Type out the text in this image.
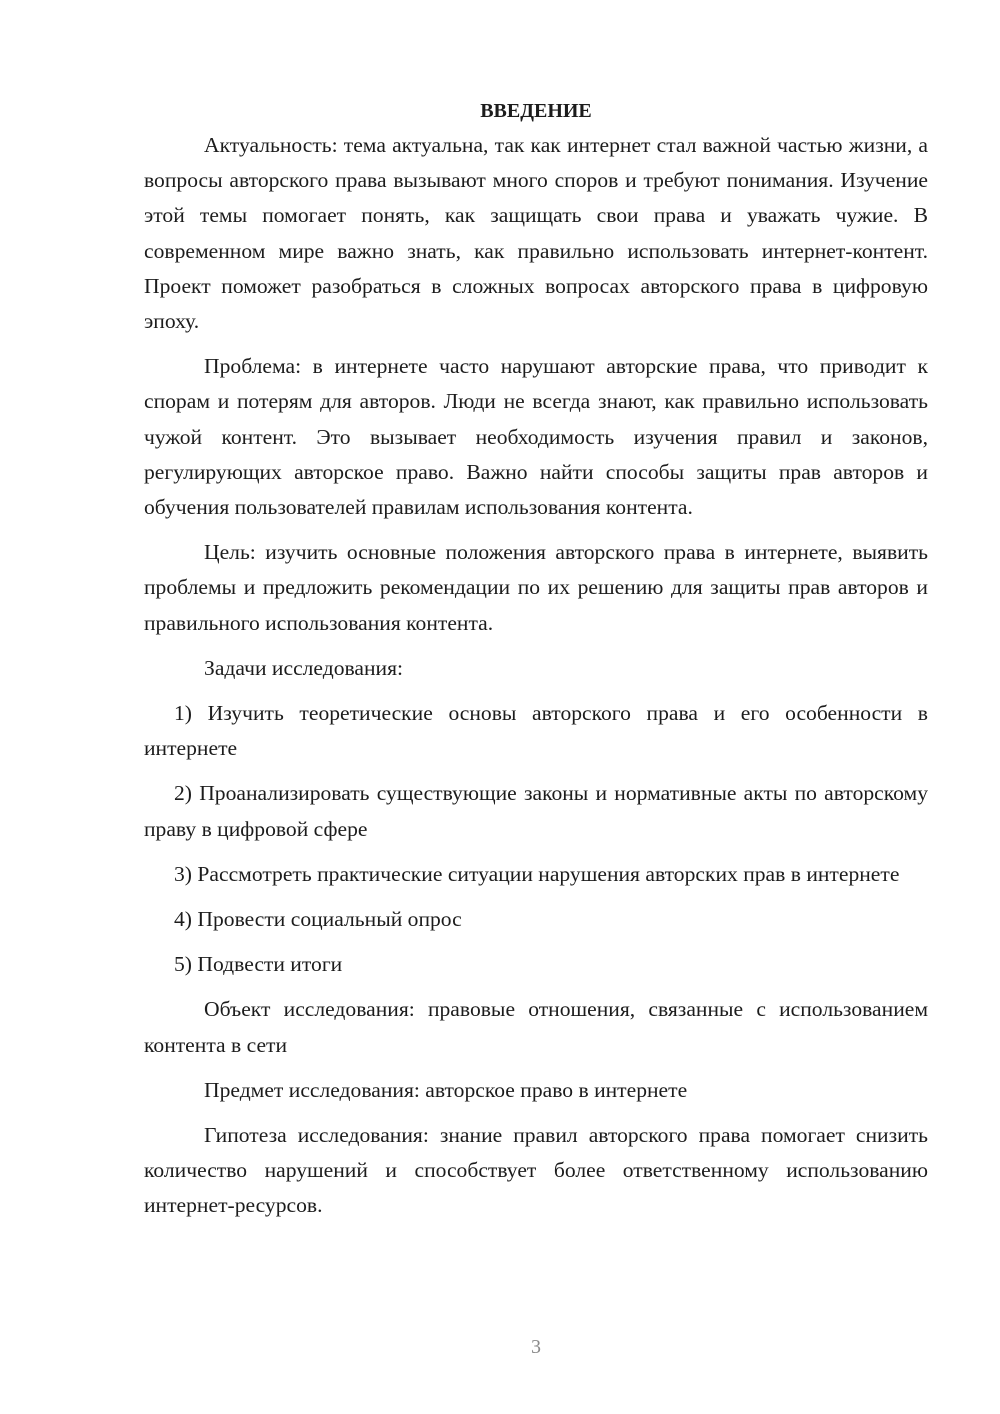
ВВЕДЕНИЕ

Актуальность: тема актуальна, так как интернет стал важной частью жизни, а вопросы авторского права вызывают много споров и требуют понимания. Изучение этой темы помогает понять, как защищать свои права и уважать чужие. В современном мире важно знать, как правильно использовать интернет-контент. Проект поможет разобраться в сложных вопросах авторского права в цифровую эпоху.

Проблема: в интернете часто нарушают авторские права, что приводит к спорам и потерям для авторов. Люди не всегда знают, как правильно использовать чужой контент. Это вызывает необходимость изучения правил и законов, регулирующих авторское право. Важно найти способы защиты прав авторов и обучения пользователей правилам использования контента.

Цель: изучить основные положения авторского права в интернете, выявить проблемы и предложить рекомендации по их решению для защиты прав авторов и правильного использования контента.

Задачи исследования:

1) Изучить теоретические основы авторского права и его особенности в интернете

2) Проанализировать существующие законы и нормативные акты по авторскому праву в цифровой сфере

3) Рассмотреть практические ситуации нарушения авторских прав в интернете

4) Провести социальный опрос

5) Подвести итоги

Объект исследования: правовые отношения, связанные с использованием контента в сети

Предмет исследования: авторское право в интернете

Гипотеза исследования: знание правил авторского права помогает снизить количество нарушений и способствует более ответственному использованию интернет-ресурсов.

3
